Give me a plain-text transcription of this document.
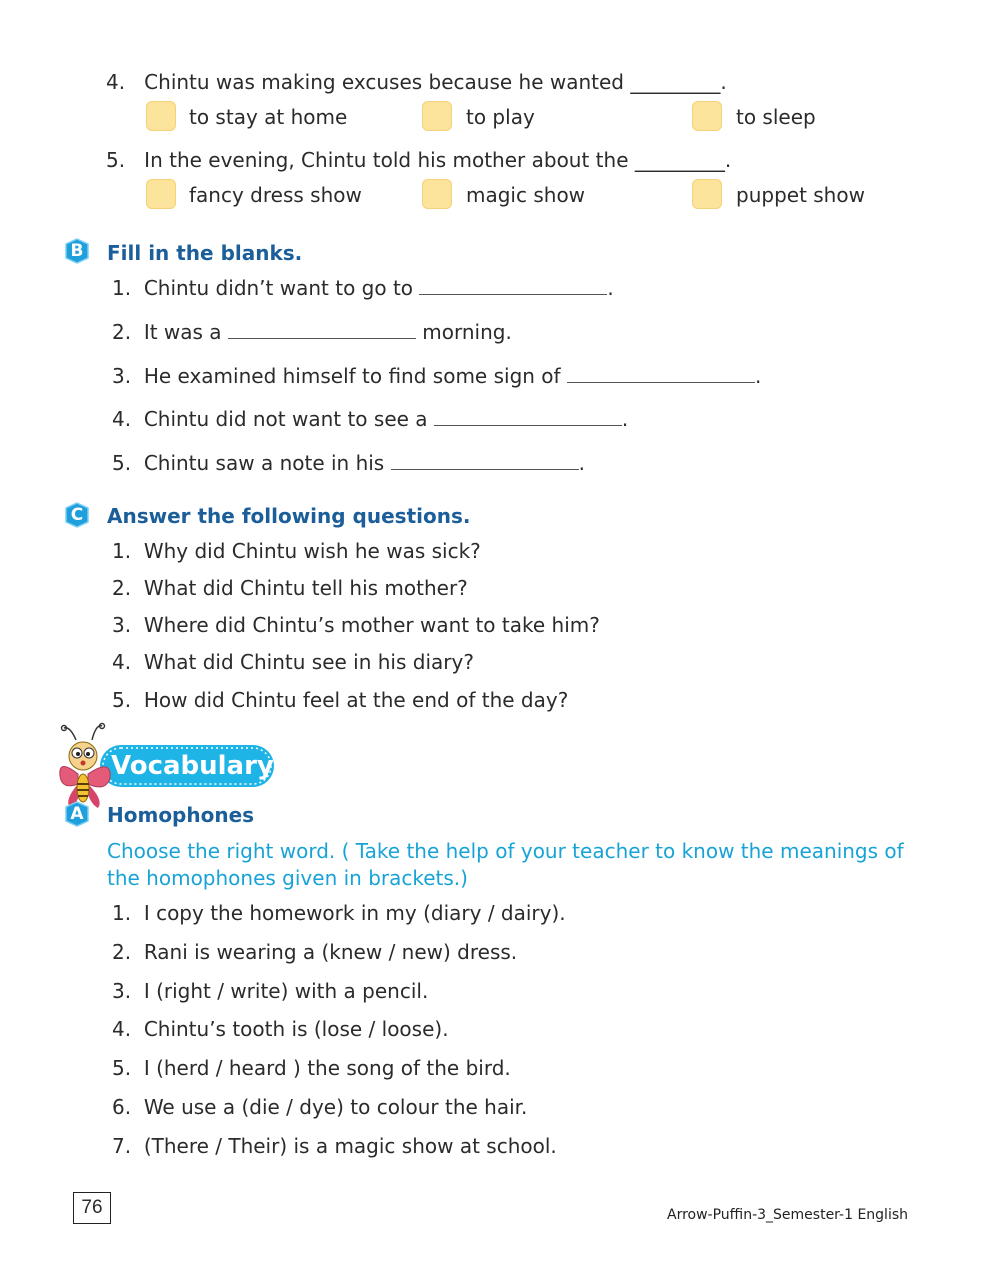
4. Chintu was making excuses because he wanted _________.
to stay at home	to play	to sleep
5. In the evening, Chintu told his mother about the _________.
fancy dress show	magic show	puppet show
B	Fill in the blanks.
1. Chintu didn’t want to go to	.
2. It was a	morning.
3. He examined himself to find some sign of	.
4. Chintu did not want to see a	.
5. Chintu saw a note in his	.
C	Answer the following questions.
1. Why did Chintu wish he was sick?
2. What did Chintu tell his mother?
3. Where did Chintu’s mother want to take him?
4. What did Chintu see in his diary?
5. How did Chintu feel at the end of the day?
Vocabulary
A	Homophones
Choose the right word. ( Take the help of your teacher to know the meanings of the homophones given in brackets.)
1. I copy the homework in my (diary / dairy).
2. Rani is wearing a (knew / new) dress.
3. I (right / write) with a pencil.
4. Chintu’s tooth is (lose / loose).
5. I (herd / heard ) the song of the bird.
6. We use a (die / dye) to colour the hair.
7. (There / Their) is a magic show at school.
76	Arrow-Puffin-3_Semester-1 English
